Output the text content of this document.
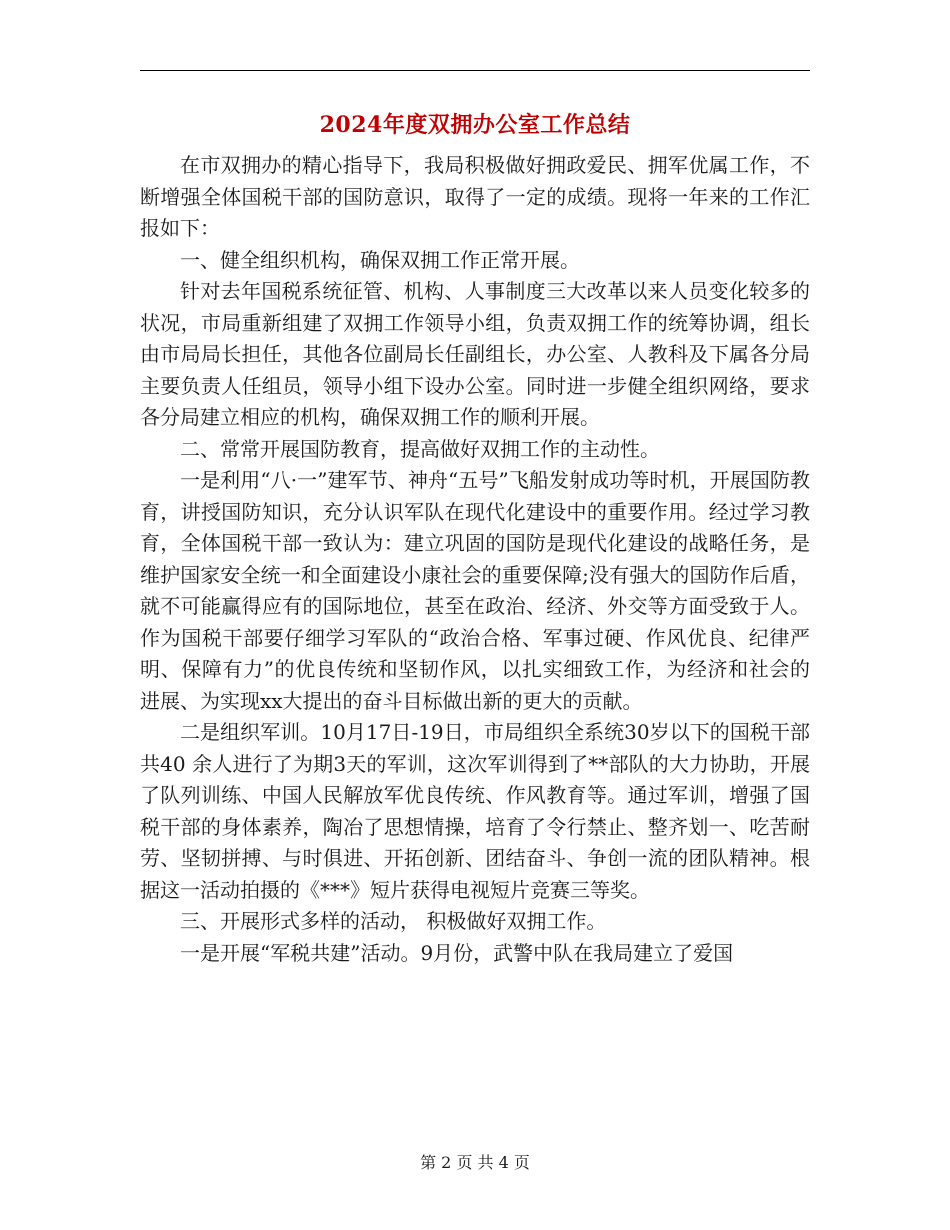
2024年度双拥办公室工作总结

在市双拥办的精心指导下，我局积极做好拥政爱民、拥军优属工作，不断增强全体国税干部的国防意识，取得了一定的成绩。现将一年来的工作汇报如下：

一、健全组织机构，确保双拥工作正常开展。

针对去年国税系统征管、机构、人事制度三大改革以来人员变化较多的状况，市局重新组建了双拥工作领导小组，负责双拥工作的统筹协调，组长由市局局长担任，其他各位副局长任副组长，办公室、人教科及下属各分局主要负责人任组员，领导小组下设办公室。同时进一步健全组织网络，要求各分局建立相应的机构，确保双拥工作的顺利开展。

二、常常开展国防教育，提高做好双拥工作的主动性。

一是利用“八·一”建军节、神舟“五号”飞船发射成功等时机，开展国防教育，讲授国防知识，充分认识军队在现代化建设中的重要作用。经过学习教育，全体国税干部一致认为：建立巩固的国防是现代化建设的战略任务，是维护国家安全统一和全面建设小康社会的重要保障;没有强大的国防作后盾，就不可能赢得应有的国际地位，甚至在政治、经济、外交等方面受致于人。作为国税干部要仔细学习军队的“政治合格、军事过硬、作风优良、纪律严明、保障有力”的优良传统和坚韧作风，以扎实细致工作，为经济和社会的进展、为实现xx大提出的奋斗目标做出新的更大的贡献。

二是组织军训。10月17日-19日，市局组织全系统30岁以下的国税干部共40 余人进行了为期3天的军训，这次军训得到了**部队的大力协助，开展了队列训练、中国人民解放军优良传统、作风教育等。通过军训，增强了国税干部的身体素养，陶冶了思想情操，培育了令行禁止、整齐划一、吃苦耐劳、坚韧拼搏、与时俱进、开拓创新、团结奋斗、争创一流的团队精神。根据这一活动拍摄的《***》短片获得电视短片竞赛三等奖。

三、开展形式多样的活动， 积极做好双拥工作。

一是开展“军税共建”活动。9月份，武警中队在我局建立了爱国

第 2 页 共 4 页
